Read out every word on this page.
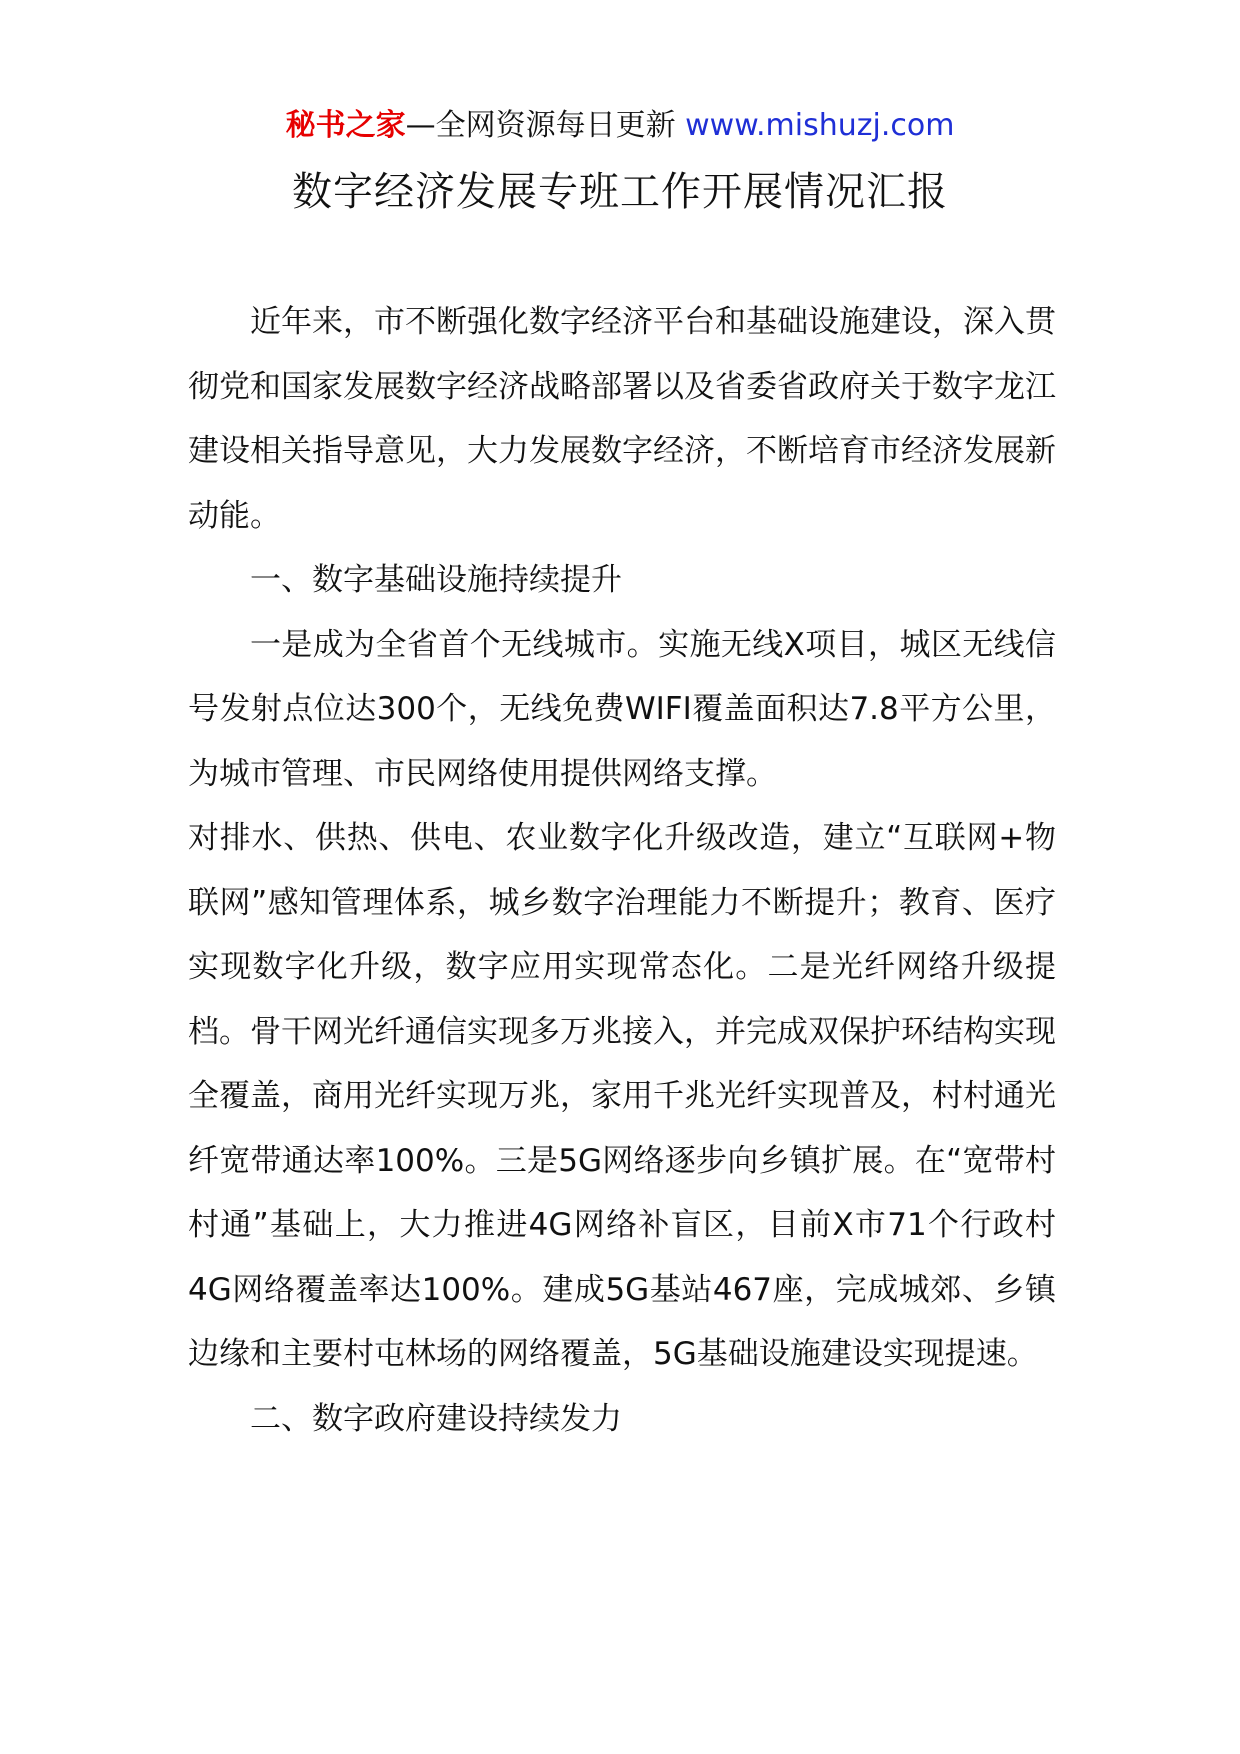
秘书之家—全网资源每日更新 www.mishuzj.com
数字经济发展专班工作开展情况汇报

近年来，市不断强化数字经济平台和基础设施建设，深入贯彻党和国家发展数字经济战略部署以及省委省政府关于数字龙江建设相关指导意见，大力发展数字经济，不断培育市经济发展新动能。

一、数字基础设施持续提升

一是成为全省首个无线城市。实施无线X项目，城区无线信号发射点位达300个，无线免费WIFI覆盖面积达7.8平方公里，为城市管理、市民网络使用提供网络支撑。

对排水、供热、供电、农业数字化升级改造，建立“互联网+物联网”感知管理体系，城乡数字治理能力不断提升；教育、医疗实现数字化升级，数字应用实现常态化。二是光纤网络升级提档。骨干网光纤通信实现多万兆接入，并完成双保护环结构实现全覆盖，商用光纤实现万兆，家用千兆光纤实现普及，村村通光纤宽带通达率100%。三是5G网络逐步向乡镇扩展。在“宽带村村通”基础上，大力推进4G网络补盲区，目前X市71个行政村4G网络覆盖率达100%。建成5G基站467座，完成城郊、乡镇边缘和主要村屯林场的网络覆盖，5G基础设施建设实现提速。

二、数字政府建设持续发力
